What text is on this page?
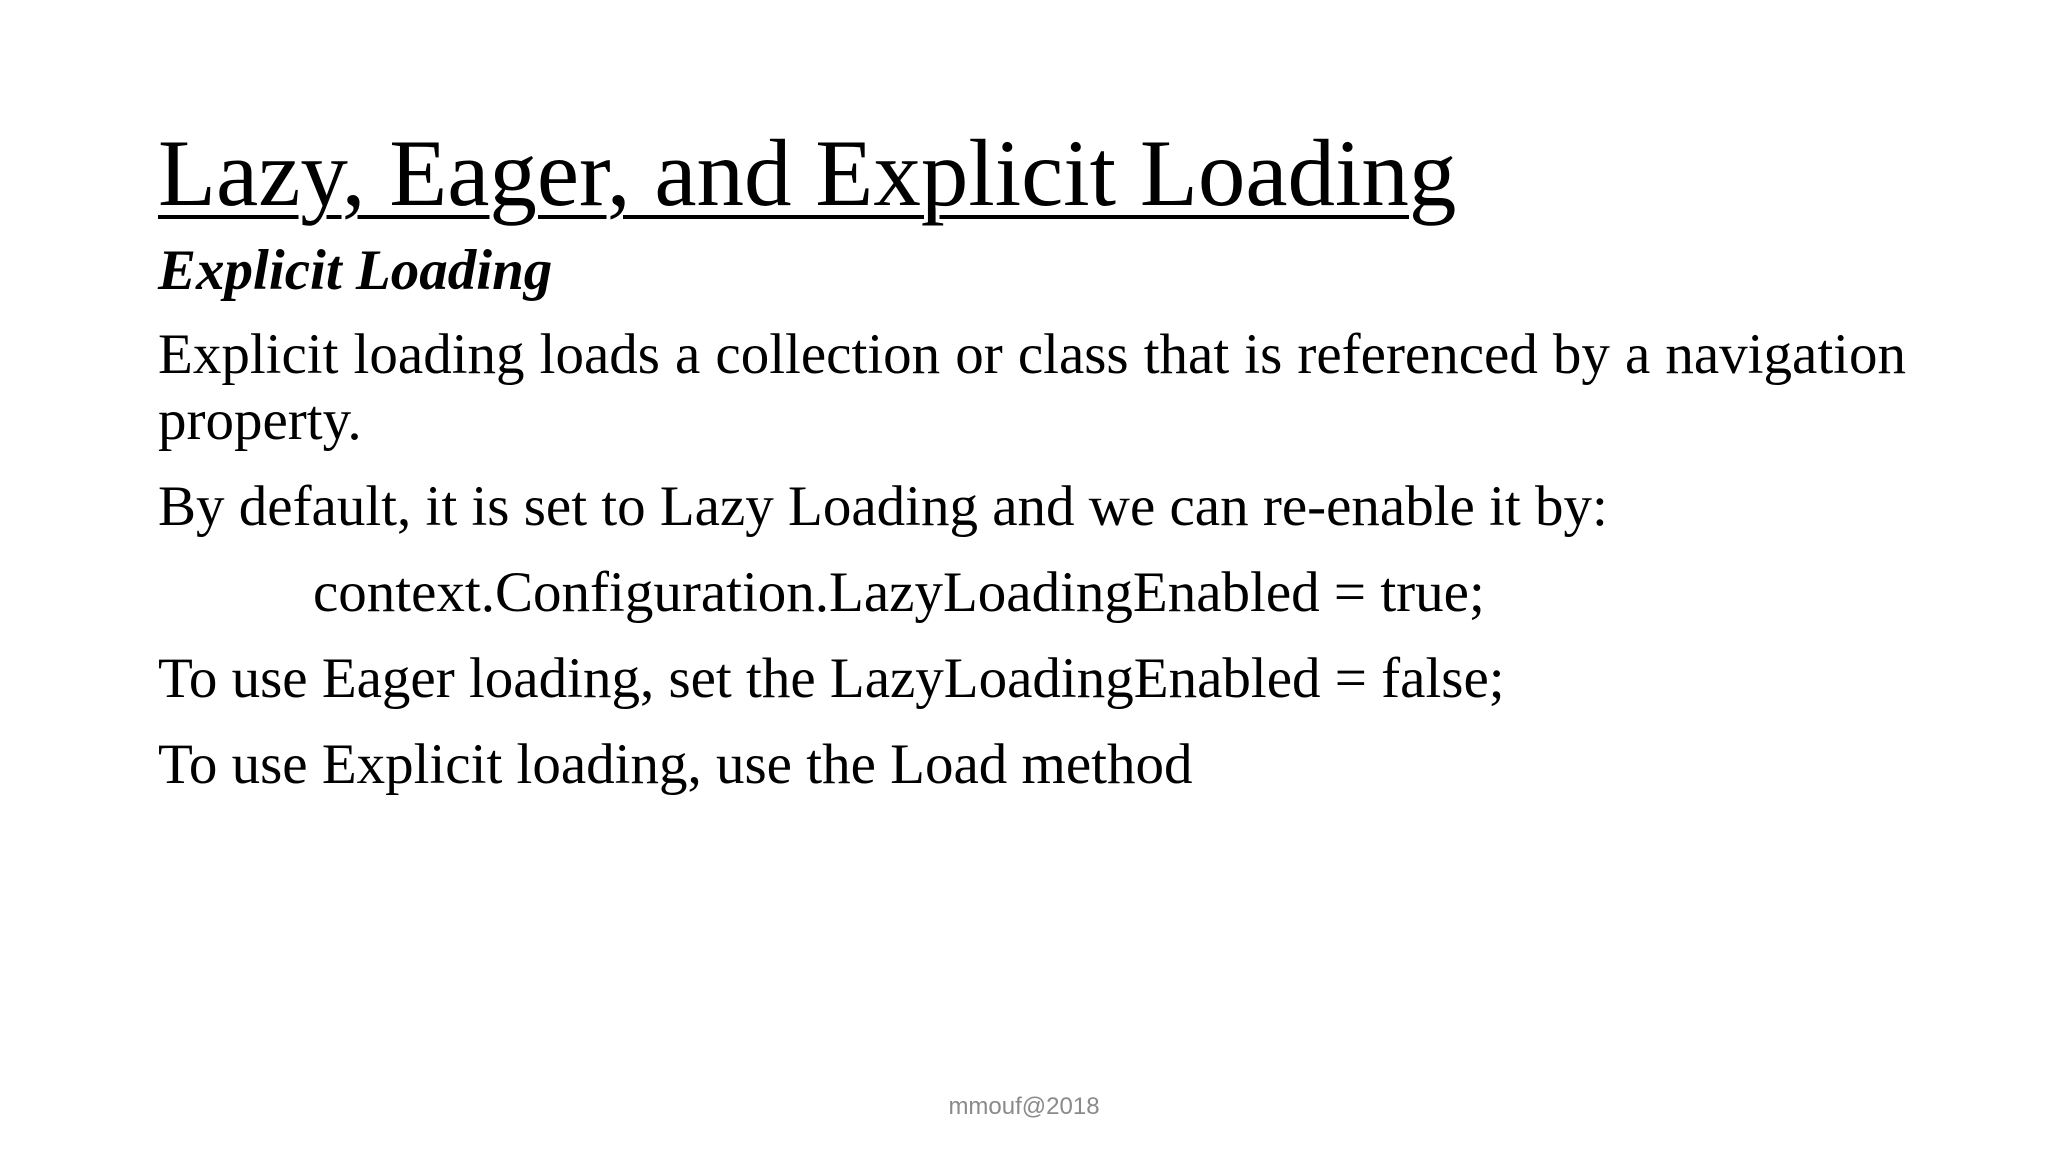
Lazy, Eager, and Explicit Loading

Explicit Loading

Explicit loading loads a collection or class that is referenced by a navigation property.

By default, it is set to Lazy Loading and we can re-enable it by:

context.Configuration.LazyLoadingEnabled = true;

To use Eager loading, set the LazyLoadingEnabled = false;

To use Explicit loading, use the Load method

mmouf@2018
